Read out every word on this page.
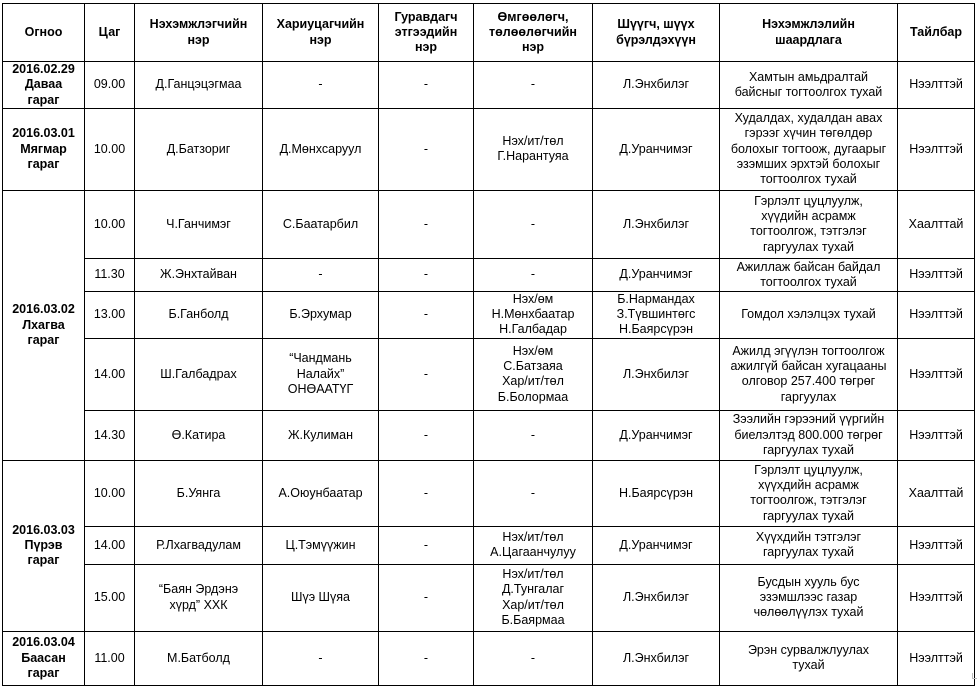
Огноо	Цаг	Нэхэмжлэгчийн
нэр	Хариуцагчийн
нэр	Гуравдагч
этгээдийн
нэр	Өмгөөлөгч,
төлөөлөгчийн
нэр	Шүүгч, шүүх
бүрэлдэхүүн	Нэхэмжлэлийн
шаардлага	Тайлбар

2016.02.29
Даваа
гараг	09.00	Д.Ганцэцэгмаа	-	-	-	Л.Энхбилэг	Хамтын амьдралтай
байсныг тогтоолгох тухай	Нээлттэй

2016.03.01
Мягмар
гараг	10.00	Д.Батзориг	Д.Мөнхсаруул	-	Нэх/ит/төл
Г.Нарантуяа	Д.Уранчимэг	Худалдах, худалдан авах
гэрээг хүчин төгөлдөр
болохыг тогтоож, дугаарыг
эзэмших эрхтэй болохыг
тогтоолгох тухай	Нээлттэй

2016.03.02
Лхагва
гараг	10.00	Ч.Ганчимэг	С.Баатарбил	-	-	Л.Энхбилэг	Гэрлэлт цуцлуулж,
хүүдийн асрамж
тогтоолгож, тэтгэлэг
гаргуулах тухай	Хаалттай
	11.30	Ж.Энхтайван	-	-	-	Д.Уранчимэг	Ажиллаж байсан байдал
тогтоолгох тухай	Нээлттэй
	13.00	Б.Ганболд	Б.Эрхумар	-	Нэх/өм
Н.Мөнхбаатар
Н.Галбадар	Б.Нармандах
З.Түвшинтөгс
Н.Баярсүрэн	Гомдол хэлэлцэх тухай	Нээлттэй
	14.00	Ш.Галбадрах	“Чандмань
Налайх”
ОНӨААТҮГ	-	Нэх/өм
С.Батзаяа
Хар/ит/төл
Б.Болормаа	Л.Энхбилэг	Ажилд эгүүлэн тогтоолгож
ажилгүй байсан хугацааны
олговор 257.400 төгрөг
гаргуулах	Нээлттэй
	14.30	Ө.Катира	Ж.Кулиман	-	-	Д.Уранчимэг	Зээлийн гэрээний үүргийн
биелэлтэд 800.000 төгрөг
гаргуулах тухай	Нээлттэй

2016.03.03
Пүрэв
гараг	10.00	Б.Уянга	А.Оюунбаатар	-	-	Н.Баярсүрэн	Гэрлэлт цуцлуулж,
хүүхдийн асрамж
тогтоолгож, тэтгэлэг
гаргуулах тухай	Хаалттай
	14.00	Р.Лхагвадулам	Ц.Тэмүүжин	-	Нэх/ит/төл
А.Цагаанчулуу	Д.Уранчимэг	Хүүхдийн тэтгэлэг
гаргуулах тухай	Нээлттэй
	15.00	“Баян Эрдэнэ
хүрд” ХХК	Шүэ Шүяа	-	Нэх/ит/төл
Д.Тунгалаг
Хар/ит/төл
Б.Баярмаа	Л.Энхбилэг	Бусдын хууль бус
эзэмшлээс газар
чөлөөлүүлэх тухай	Нээлттэй

2016.03.04
Баасан
гараг	11.00	М.Батболд	-	-	-	Л.Энхбилэг	Эрэн сурвалжлуулах
тухай	Нээлттэй
